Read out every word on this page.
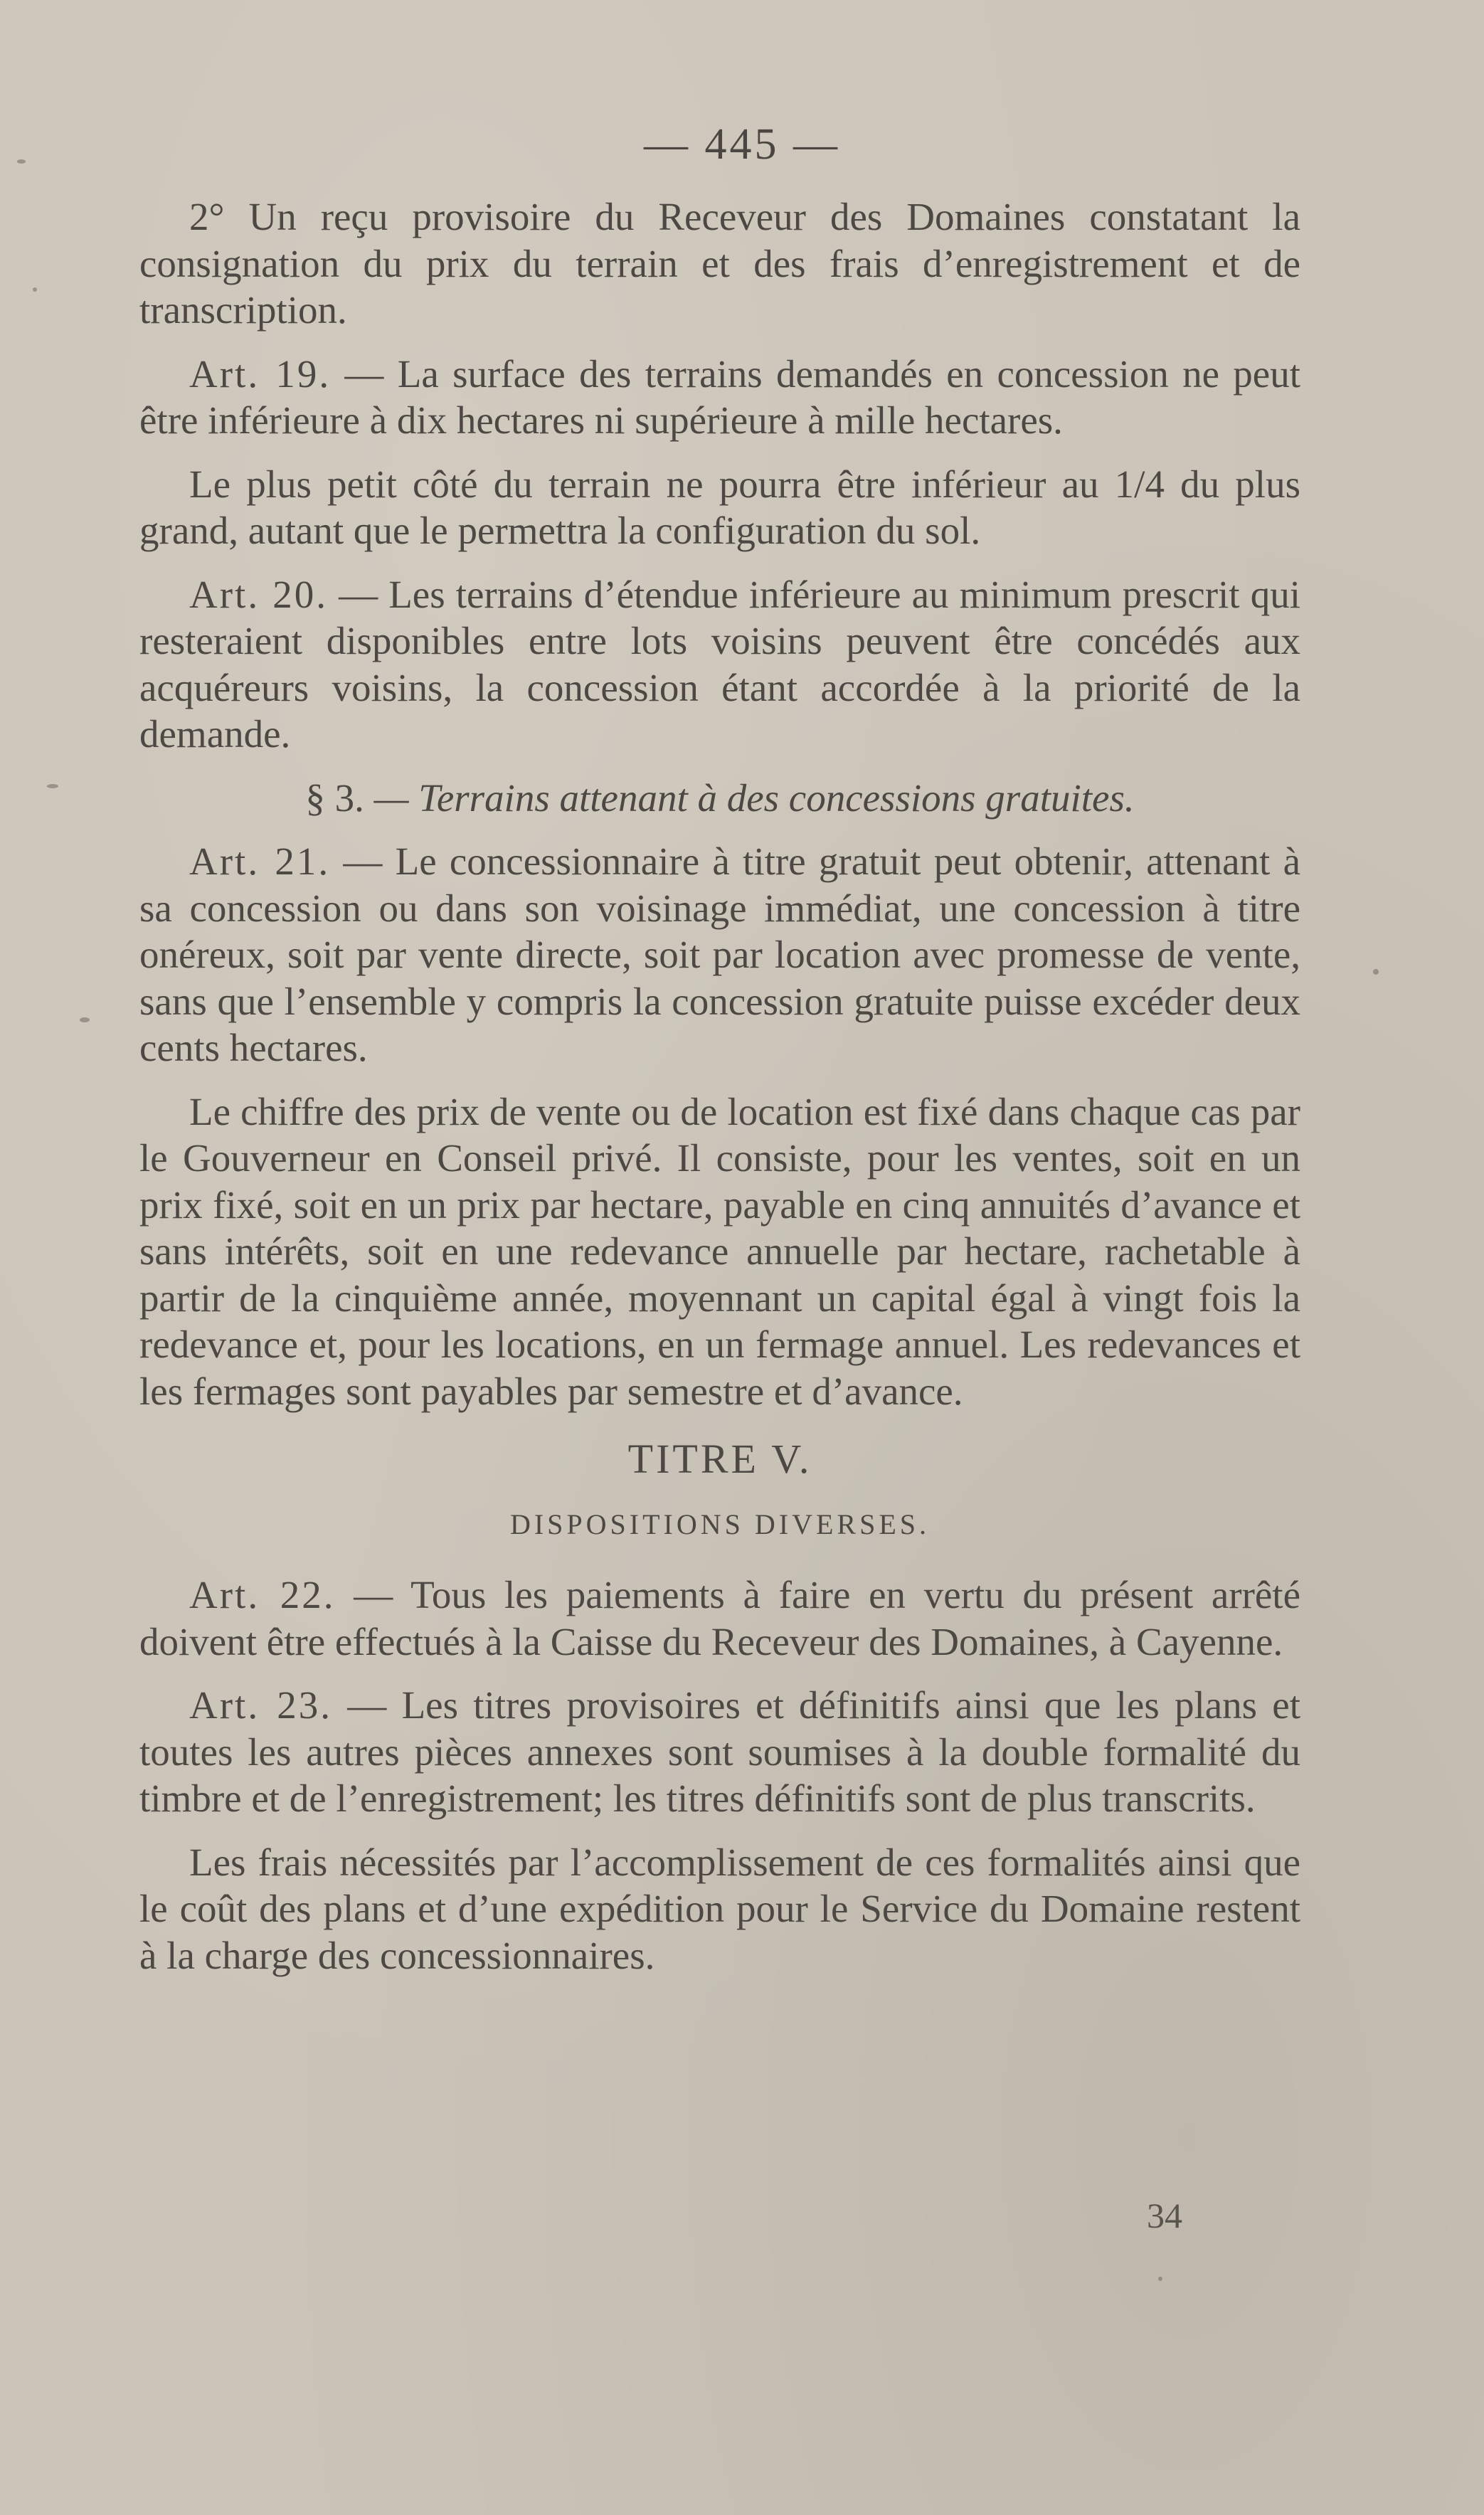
— 445 —

2° Un reçu provisoire du Receveur des Domaines constatant la consignation du prix du terrain et des frais d’enregistrement et de transcription.

Art. 19. — La surface des terrains demandés en concession ne peut être inférieure à dix hectares ni supérieure à mille hectares.

Le plus petit côté du terrain ne pourra être inférieur au 1/4 du plus grand, autant que le permettra la configuration du sol.

Art. 20. — Les terrains d’étendue inférieure au minimum prescrit qui resteraient disponibles entre lots voisins peuvent être concédés aux acquéreurs voisins, la concession étant accordée à la priorité de la demande.

§ 3. — Terrains attenant à des concessions gratuites.

Art. 21. — Le concessionnaire à titre gratuit peut obtenir, attenant à sa concession ou dans son voisinage immédiat, une concession à titre onéreux, soit par vente directe, soit par location avec promesse de vente, sans que l’ensemble y compris la concession gratuite puisse excéder deux cents hectares.

Le chiffre des prix de vente ou de location est fixé dans chaque cas par le Gouverneur en Conseil privé. Il consiste, pour les ventes, soit en un prix fixé, soit en un prix par hectare, payable en cinq annuités d’avance et sans intérêts, soit en une redevance annuelle par hectare, rachetable à partir de la cinquième année, moyennant un capital égal à vingt fois la redevance et, pour les locations, en un fermage annuel. Les redevances et les fermages sont payables par semestre et d’avance.

TITRE V.

DISPOSITIONS DIVERSES.

Art. 22. — Tous les paiements à faire en vertu du présent arrêté doivent être effectués à la Caisse du Receveur des Domaines, à Cayenne.

Art. 23. — Les titres provisoires et définitifs ainsi que les plans et toutes les autres pièces annexes sont soumises à la double formalité du timbre et de l’enregistrement; les titres définitifs sont de plus transcrits.

Les frais nécessités par l’accomplissement de ces formalités ainsi que le coût des plans et d’une expédition pour le Service du Domaine restent à la charge des concessionnaires.

34
